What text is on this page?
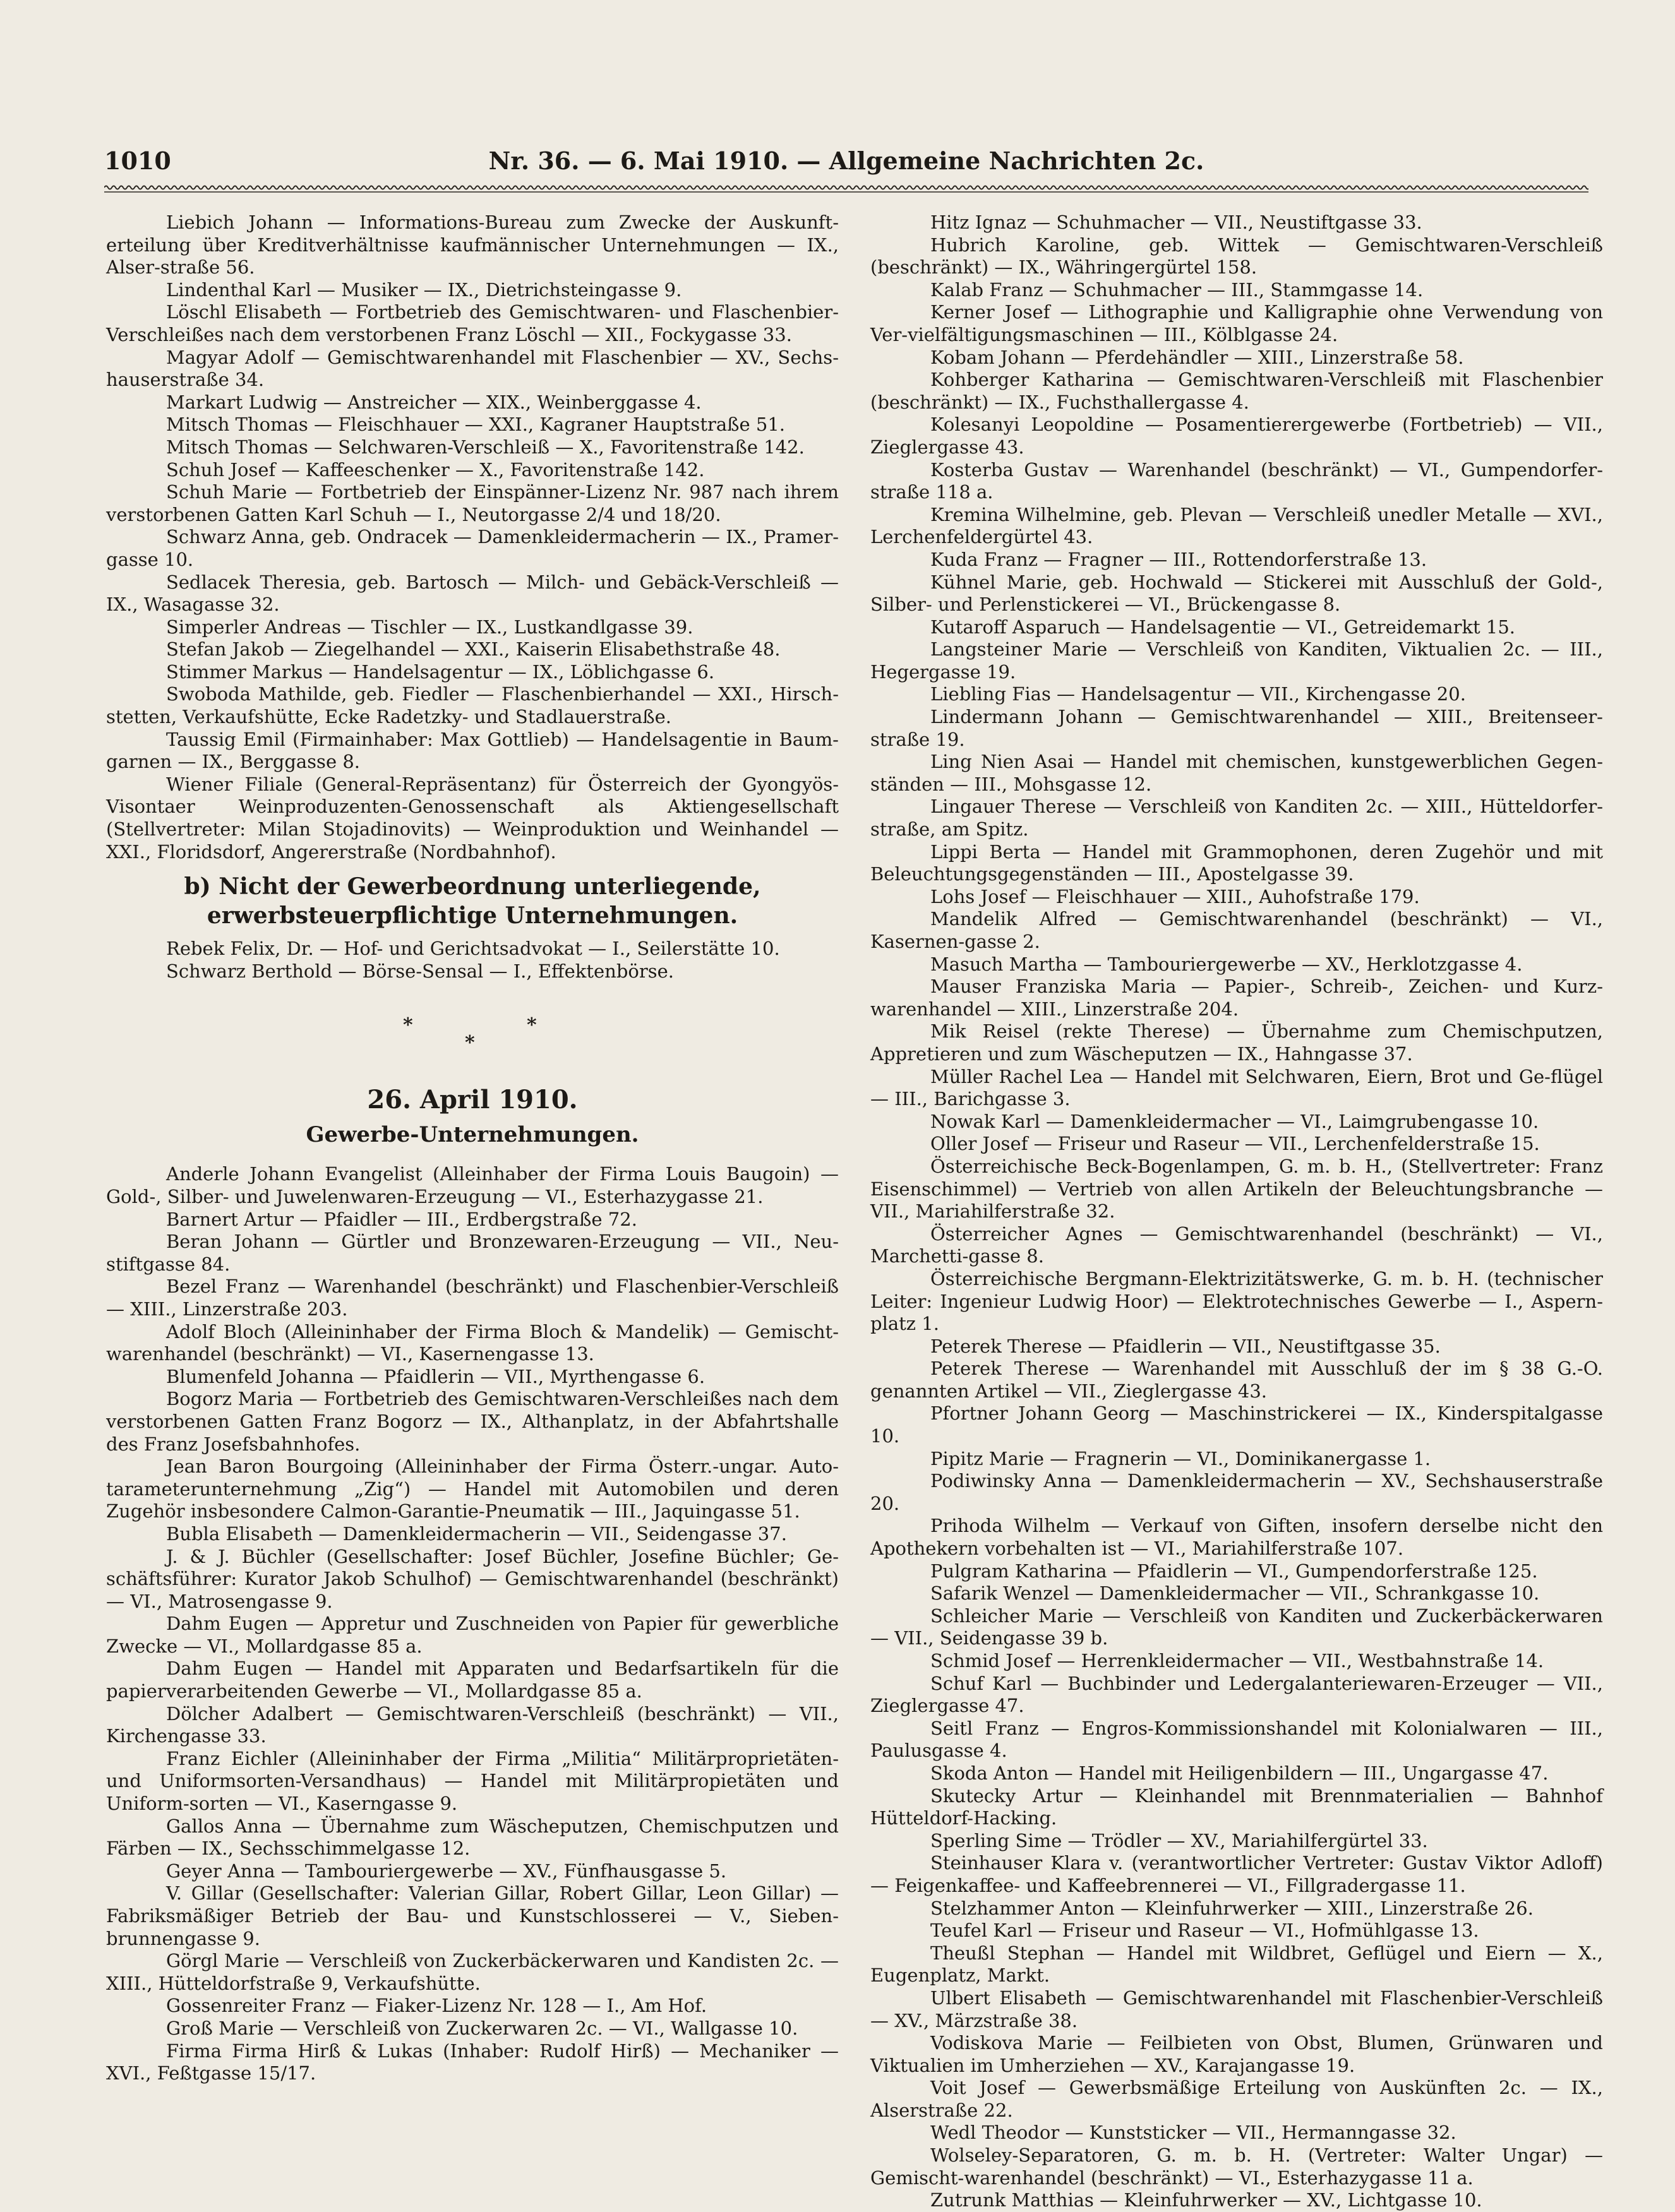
1010	Nr. 36. — 6. Mai 1910. — Allgemeine Nachrichten 2c.

Liebich Johann — Informations-Bureau zum Zwecke der Auskunft-erteilung über Kreditverhältnisse kaufmännischer Unternehmungen — IX., Alser-straße 56.

Lindenthal Karl — Musiker — IX., Dietrichsteingasse 9.

Löschl Elisabeth — Fortbetrieb des Gemischtwaren- und Flaschenbier-Verschleißes nach dem verstorbenen Franz Löschl — XII., Fockygasse 33.

Magyar Adolf — Gemischtwarenhandel mit Flaschenbier — XV., Sechs-hauserstraße 34.

Markart Ludwig — Anstreicher — XIX., Weinberggasse 4.

Mitsch Thomas — Fleischhauer — XXI., Kagraner Hauptstraße 51.

Mitsch Thomas — Selchwaren-Verschleiß — X., Favoritenstraße 142.

Schuh Josef — Kaffeeschenker — X., Favoritenstraße 142.

Schuh Marie — Fortbetrieb der Einspänner-Lizenz Nr. 987 nach ihrem verstorbenen Gatten Karl Schuh — I., Neutorgasse 2/4 und 18/20.

Schwarz Anna, geb. Ondracek — Damenkleidermacherin — IX., Pramer-gasse 10.

Sedlacek Theresia, geb. Bartosch — Milch- und Gebäck-Verschleiß — IX., Wasagasse 32.

Simperler Andreas — Tischler — IX., Lustkandlgasse 39.

Stefan Jakob — Ziegelhandel — XXI., Kaiserin Elisabethstraße 48.

Stimmer Markus — Handelsagentur — IX., Löblichgasse 6.

Swoboda Mathilde, geb. Fiedler — Flaschenbierhandel — XXI., Hirsch-stetten, Verkaufshütte, Ecke Radetzky- und Stadlauerstraße.

Taussig Emil (Firmainhaber: Max Gottlieb) — Handelsagentie in Baum-garnen — IX., Berggasse 8.

Wiener Filiale (General-Repräsentanz) für Österreich der Gyongyös-Visontaer Weinproduzenten-Genossenschaft als Aktiengesellschaft (Stellvertreter: Milan Stojadinovits) — Weinproduktion und Weinhandel — XXI., Floridsdorf, Angererstraße (Nordbahnhof).

b) Nicht der Gewerbeordnung unterliegende, erwerbsteuerpflichtige Unternehmungen.

Rebek Felix, Dr. — Hof- und Gerichtsadvokat — I., Seilerstätte 10.

Schwarz Berthold — Börse-Sensal — I., Effektenbörse.

*
*
*
26. April 1910.
Gewerbe-Unternehmungen.

Anderle Johann Evangelist (Alleinhaber der Firma Louis Baugoin) — Gold-, Silber- und Juwelenwaren-Erzeugung — VI., Esterhazygasse 21.

Barnert Artur — Pfaidler — III., Erdbergstraße 72.

Beran Johann — Gürtler und Bronzewaren-Erzeugung — VII., Neu-stiftgasse 84.

Bezel Franz — Warenhandel (beschränkt) und Flaschenbier-Verschleiß — XIII., Linzerstraße 203.

Adolf Bloch (Alleininhaber der Firma Bloch & Mandelik) — Gemischt-warenhandel (beschränkt) — VI., Kasernengasse 13.

Blumenfeld Johanna — Pfaidlerin — VII., Myrthengasse 6.

Bogorz Maria — Fortbetrieb des Gemischtwaren-Verschleißes nach dem verstorbenen Gatten Franz Bogorz — IX., Althanplatz, in der Abfahrtshalle des Franz Josefsbahnhofes.

Jean Baron Bourgoing (Alleininhaber der Firma Österr.-ungar. Auto-tarameterunternehmung „Zig“) — Handel mit Automobilen und deren Zugehör insbesondere Calmon-Garantie-Pneumatik — III., Jaquingasse 51.

Bubla Elisabeth — Damenkleidermacherin — VII., Seidengasse 37.

J. & J. Büchler (Gesellschafter: Josef Büchler, Josefine Büchler; Ge-schäftsführer: Kurator Jakob Schulhof) — Gemischtwarenhandel (beschränkt) — VI., Matrosengasse 9.

Dahm Eugen — Appretur und Zuschneiden von Papier für gewerbliche Zwecke — VI., Mollardgasse 85 a.

Dahm Eugen — Handel mit Apparaten und Bedarfsartikeln für die papierverarbeitenden Gewerbe — VI., Mollardgasse 85 a.

Dölcher Adalbert — Gemischtwaren-Verschleiß (beschränkt) — VII., Kirchengasse 33.

Franz Eichler (Alleininhaber der Firma „Militia“ Militärproprietäten- und Uniformsorten-Versandhaus) — Handel mit Militärpropietäten und Uniform-sorten — VI., Kaserngasse 9.

Gallos Anna — Übernahme zum Wäscheputzen, Chemischputzen und Färben — IX., Sechsschimmelgasse 12.

Geyer Anna — Tambouriergewerbe — XV., Fünfhausgasse 5.

V. Gillar (Gesellschafter: Valerian Gillar, Robert Gillar, Leon Gillar) — Fabriksmäßiger Betrieb der Bau- und Kunstschlosserei — V., Sieben-brunnengasse 9.

Görgl Marie — Verschleiß von Zuckerbäckerwaren und Kandisten 2c. — XIII., Hütteldorfstraße 9, Verkaufshütte.

Gossenreiter Franz — Fiaker-Lizenz Nr. 128 — I., Am Hof.

Groß Marie — Verschleiß von Zuckerwaren 2c. — VI., Wallgasse 10.

Firma Firma Hirß & Lukas (Inhaber: Rudolf Hirß) — Mechaniker — XVI., Feßtgasse 15/17.

Hitz Ignaz — Schuhmacher — VII., Neustiftgasse 33.

Hubrich Karoline, geb. Wittek — Gemischtwaren-Verschleiß (beschränkt) — IX., Währingergürtel 158.

Kalab Franz — Schuhmacher — III., Stammgasse 14.

Kerner Josef — Lithographie und Kalligraphie ohne Verwendung von Ver-vielfältigungsmaschinen — III., Kölblgasse 24.

Kobam Johann — Pferdehändler — XIII., Linzerstraße 58.

Kohberger Katharina — Gemischtwaren-Verschleiß mit Flaschenbier (beschränkt) — IX., Fuchsthallergasse 4.

Kolesanyi Leopoldine — Posamentierergewerbe (Fortbetrieb) — VII., Zieglergasse 43.

Kosterba Gustav — Warenhandel (beschränkt) — VI., Gumpendorfer-straße 118 a.

Kremina Wilhelmine, geb. Plevan — Verschleiß unedler Metalle — XVI., Lerchenfeldergürtel 43.

Kuda Franz — Fragner — III., Rottendorferstraße 13.

Kühnel Marie, geb. Hochwald — Stickerei mit Ausschluß der Gold-, Silber- und Perlenstickerei — VI., Brückengasse 8.

Kutaroff Asparuch — Handelsagentie — VI., Getreidemarkt 15.

Langsteiner Marie — Verschleiß von Kanditen, Viktualien 2c. — III., Hegergasse 19.

Liebling Fias — Handelsagentur — VII., Kirchengasse 20.

Lindermann Johann — Gemischtwarenhandel — XIII., Breitenseer-straße 19.

Ling Nien Asai — Handel mit chemischen, kunstgewerblichen Gegen-ständen — III., Mohsgasse 12.

Lingauer Therese — Verschleiß von Kanditen 2c. — XIII., Hütteldorfer-straße, am Spitz.

Lippi Berta — Handel mit Grammophonen, deren Zugehör und mit Beleuchtungsgegenständen — III., Apostelgasse 39.

Lohs Josef — Fleischhauer — XIII., Auhofstraße 179.

Mandelik Alfred — Gemischtwarenhandel (beschränkt) — VI., Kasernen-gasse 2.

Masuch Martha — Tambouriergewerbe — XV., Herklotzgasse 4.

Mauser Franziska Maria — Papier-, Schreib-, Zeichen- und Kurz-warenhandel — XIII., Linzerstraße 204.

Mik Reisel (rekte Therese) — Übernahme zum Chemischputzen, Appretieren und zum Wäscheputzen — IX., Hahngasse 37.

Müller Rachel Lea — Handel mit Selchwaren, Eiern, Brot und Ge-flügel — III., Barichgasse 3.

Nowak Karl — Damenkleidermacher — VI., Laimgrubengasse 10.

Oller Josef — Friseur und Raseur — VII., Lerchenfelderstraße 15.

Österreichische Beck-Bogenlampen, G. m. b. H., (Stellvertreter: Franz Eisenschimmel) — Vertrieb von allen Artikeln der Beleuchtungsbranche — VII., Mariahilferstraße 32.

Österreicher Agnes — Gemischtwarenhandel (beschränkt) — VI., Marchetti-gasse 8.

Österreichische Bergmann-Elektrizitätswerke, G. m. b. H. (technischer Leiter: Ingenieur Ludwig Hoor) — Elektrotechnisches Gewerbe — I., Aspern-platz 1.

Peterek Therese — Pfaidlerin — VII., Neustiftgasse 35.

Peterek Therese — Warenhandel mit Ausschluß der im § 38 G.-O. genannten Artikel — VII., Zieglergasse 43.

Pfortner Johann Georg — Maschinstrickerei — IX., Kinderspitalgasse 10.

Pipitz Marie — Fragnerin — VI., Dominikanergasse 1.

Podiwinsky Anna — Damenkleidermacherin — XV., Sechshauserstraße 20.

Prihoda Wilhelm — Verkauf von Giften, insofern derselbe nicht den Apothekern vorbehalten ist — VI., Mariahilferstraße 107.

Pulgram Katharina — Pfaidlerin — VI., Gumpendorferstraße 125.

Safarik Wenzel — Damenkleidermacher — VII., Schrankgasse 10.

Schleicher Marie — Verschleiß von Kanditen und Zuckerbäckerwaren — VII., Seidengasse 39 b.

Schmid Josef — Herrenkleidermacher — VII., Westbahnstraße 14.

Schuf Karl — Buchbinder und Ledergalanteriewaren-Erzeuger — VII., Zieglergasse 47.

Seitl Franz — Engros-Kommissionshandel mit Kolonialwaren — III., Paulusgasse 4.

Skoda Anton — Handel mit Heiligenbildern — III., Ungargasse 47.

Skutecky Artur — Kleinhandel mit Brennmaterialien — Bahnhof Hütteldorf-Hacking.

Sperling Sime — Trödler — XV., Mariahilfergürtel 33.

Steinhauser Klara v. (verantwortlicher Vertreter: Gustav Viktor Adloff) — Feigenkaffee- und Kaffeebrennerei — VI., Fillgradergasse 11.

Stelzhammer Anton — Kleinfuhrwerker — XIII., Linzerstraße 26.

Teufel Karl — Friseur und Raseur — VI., Hofmühlgasse 13.

Theußl Stephan — Handel mit Wildbret, Geflügel und Eiern — X., Eugenplatz, Markt.

Ulbert Elisabeth — Gemischtwarenhandel mit Flaschenbier-Verschleiß — XV., Märzstraße 38.

Vodiskova Marie — Feilbieten von Obst, Blumen, Grünwaren und Viktualien im Umherziehen — XV., Karajangasse 19.

Voit Josef — Gewerbsmäßige Erteilung von Auskünften 2c. — IX., Alserstraße 22.

Wedl Theodor — Kunststicker — VII., Hermanngasse 32.

Wolseley-Separatoren, G. m. b. H. (Vertreter: Walter Ungar) — Gemischt-warenhandel (beschränkt) — VI., Esterhazygasse 11 a.

Zutrunk Matthias — Kleinfuhrwerker — XV., Lichtgasse 10.
